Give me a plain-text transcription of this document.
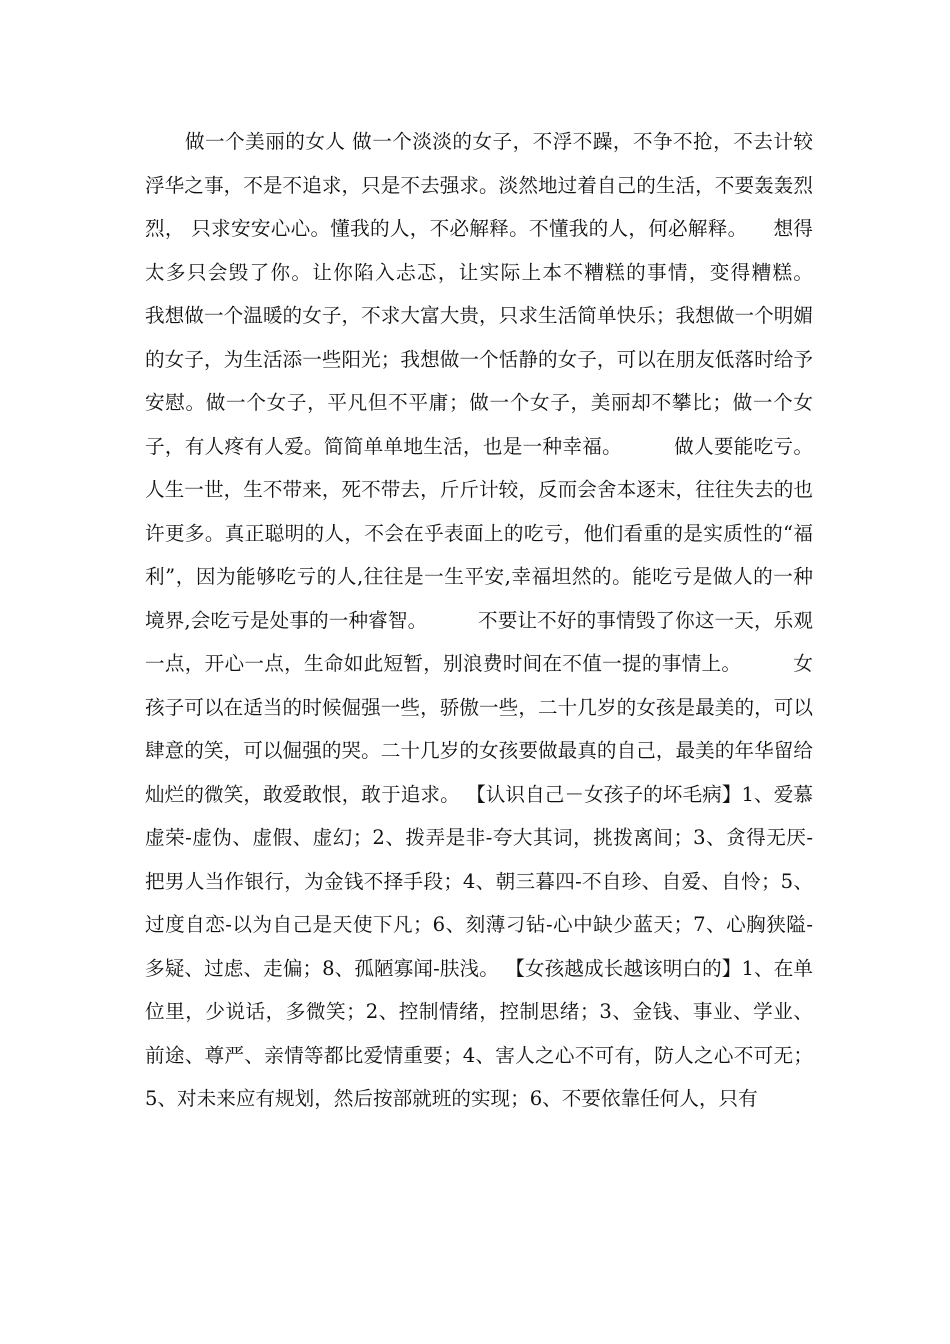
做一个美丽的女人 做一个淡淡的女子，不浮不躁，不争不抢，不去计较浮华之事，不是不追求，只是不去强求。淡然地过着自己的生活，不要轰轰烈烈， 只求安安心心。懂我的人，不必解释。不懂我的人，何必解释。    想得太多只会毁了你。让你陷入忐忑，让实际上本不糟糕的事情，变得糟糕。        我想做一个温暖的女子，不求大富大贵，只求生活简单快乐；我想做一个明媚的女子，为生活添一些阳光；我想做一个恬静的女子，可以在朋友低落时给予安慰。做一个女子，平凡但不平庸；做一个女子，美丽却不攀比；做一个女子，有人疼有人爱。简简单单地生活，也是一种幸福。        做人要能吃亏。人生一世，生不带来，死不带去，斤斤计较，反而会舍本逐末，往往失去的也许更多。真正聪明的人，不会在乎表面上的吃亏，他们看重的是实质性的“福利”，因为能够吃亏的人,往往是一生平安,幸福坦然的。能吃亏是做人的一种境界,会吃亏是处事的一种睿智。        不要让不好的事情毁了你这一天，乐观一点，开心一点，生命如此短暂，别浪费时间在不值一提的事情上。        女孩子可以在适当的时候倔强一些，骄傲一些，二十几岁的女孩是最美的，可以肆意的笑，可以倔强的哭。二十几岁的女孩要做最真的自己，最美的年华留给灿烂的微笑，敢爱敢恨，敢于追求。 【认识自己－女孩子的坏毛病】1、爱慕虚荣-虚伪、虚假、虚幻；2、拨弄是非-夸大其词，挑拨离间；3、贪得无厌-把男人当作银行，为金钱不择手段；4、朝三暮四-不自珍、自爱、自怜；5、过度自恋-以为自己是天使下凡；6、刻薄刁钻-心中缺少蓝天；7、心胸狭隘-多疑、过虑、走偏；8、孤陋寡闻-肤浅。 【女孩越成长越该明白的】1、在单位里，少说话，多微笑；2、控制情绪，控制思绪；3、金钱、事业、学业、前途、尊严、亲情等都比爱情重要；4、害人之心不可有，防人之心不可无；5、对未来应有规划，然后按部就班的实现；6、不要依靠任何人，只有
